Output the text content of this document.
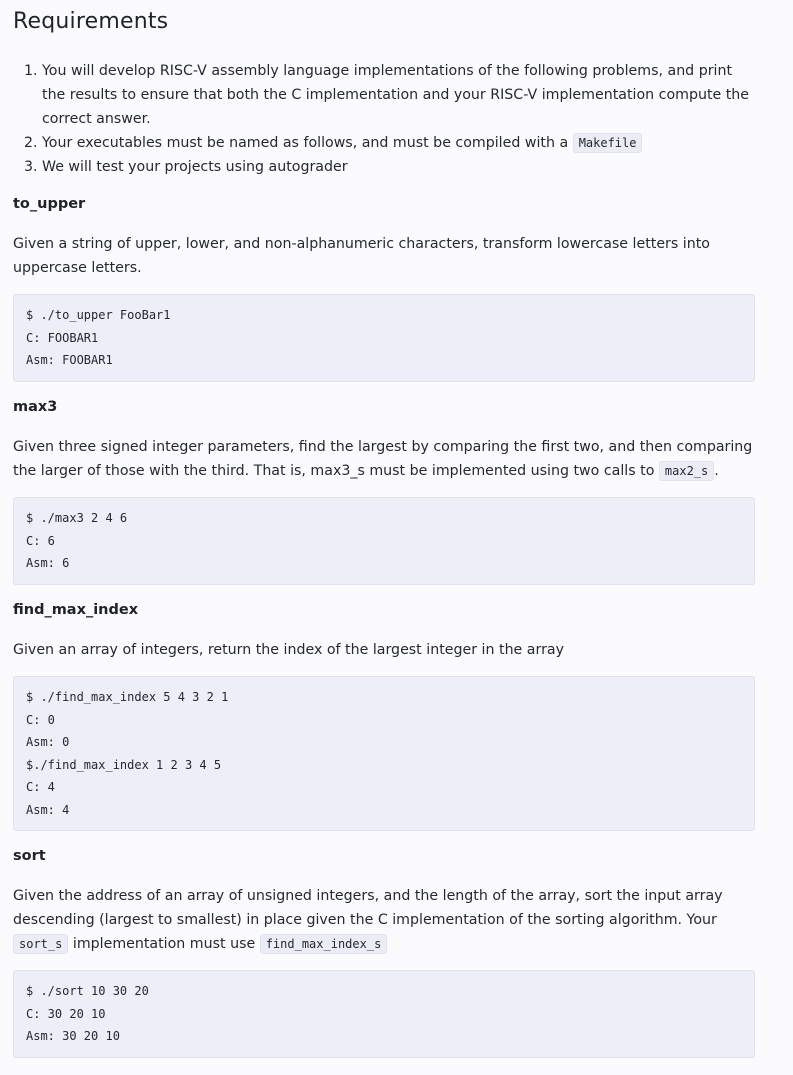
Requirements
1. You will develop RISC-V assembly language implementations of the following problems, and print the results to ensure that both the C implementation and your RISC-V implementation compute the correct answer.
2. Your executables must be named as follows, and must be compiled with a Makefile
3. We will test your projects using autograder
to_upper

Given a string of upper, lower, and non-alphanumeric characters, transform lowercase letters into uppercase letters.

$ ./to_upper FooBar1
C: FOOBAR1
Asm: FOOBAR1
max3

Given three signed integer parameters, find the largest by comparing the first two, and then comparing the larger of those with the third. That is, max3_s must be implemented using two calls to max2_s .

$ ./max3 2 4 6
C: 6
Asm: 6
find_max_index

Given an array of integers, return the index of the largest integer in the array

$ ./find_max_index 5 4 3 2 1
C: 0
Asm: 0
$./find_max_index 1 2 3 4 5
C: 4
Asm: 4
sort

Given the address of an array of unsigned integers, and the length of the array, sort the input array descending (largest to smallest) in place given the C implementation of the sorting algorithm. Your sort_s implementation must use find_max_index_s

$ ./sort 10 30 20
C: 30 20 10
Asm: 30 20 10
